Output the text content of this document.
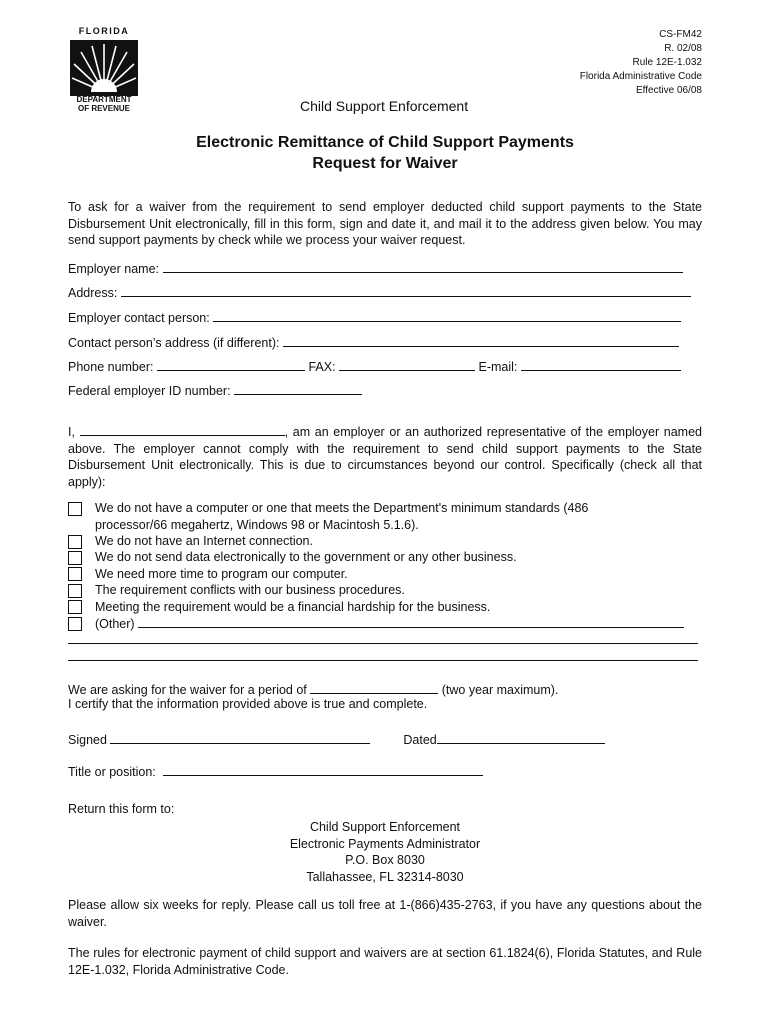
FLORIDA
DEPARTMENT
OF REVENUE
CS-FM42
R. 02/08
Rule 12E-1.032
Florida Administrative Code
Effective 06/08
Child Support Enforcement
Electronic Remittance of Child Support Payments
Request for Waiver
To ask for a waiver from the requirement to send employer deducted child support payments to the State Disbursement Unit electronically, fill in this form, sign and date it, and mail it to the address given below. You may send support payments by check while we process your waiver request.
Employer name:
Address:
Employer contact person:
Contact person’s address (if different):
Phone number:	FAX:	E-mail:
Federal employer ID number:
I,	, am an employer or an authorized representative of the employer named above. The employer cannot comply with the requirement to send child support payments to the State Disbursement Unit electronically. This is due to circumstances beyond our control. Specifically (check all that apply):
We do not have a computer or one that meets the Department's minimum standards (486
processor/66 megahertz, Windows 98 or Macintosh 5.1.6).
We do not have an Internet connection.
We do not send data electronically to the government or any other business.
We need more time to program our computer.
The requirement conflicts with our business procedures.
Meeting the requirement would be a financial hardship for the business.
(Other)
We are asking for the waiver for a period of	(two year maximum).
I certify that the information provided above is true and complete.
Signed	Dated
Title or position:
Return this form to:
Child Support Enforcement
Electronic Payments Administrator
P.O. Box 8030
Tallahassee, FL 32314-8030
Please allow six weeks for reply. Please call us toll free at 1-(866)435-2763, if you have any questions about the waiver.
The rules for electronic payment of child support and waivers are at section 61.1824(6), Florida Statutes, and Rule 12E-1.032, Florida Administrative Code.
